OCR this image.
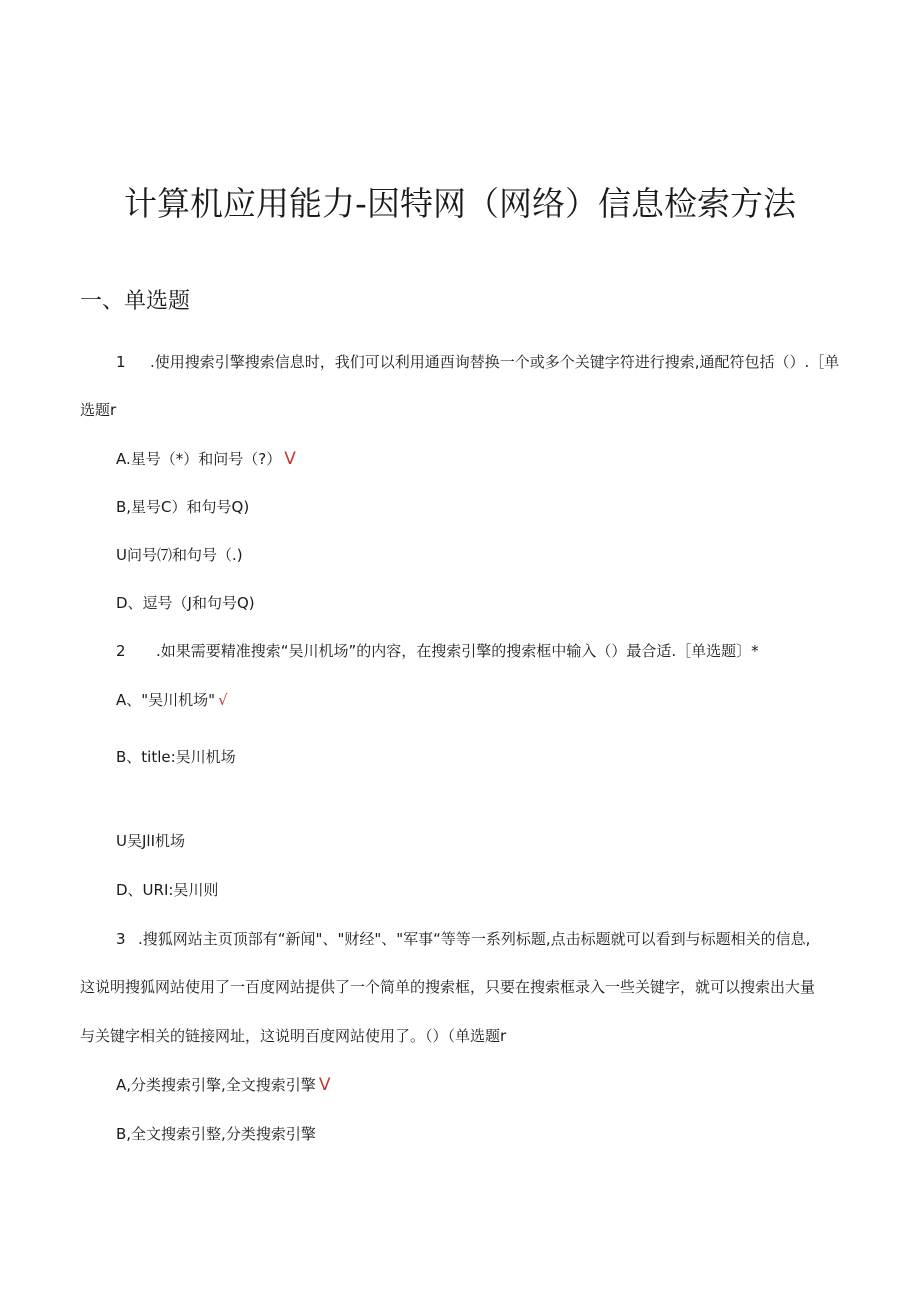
计算机应用能力-因特网（网络）信息检索方法
一、单选题
1 .使用搜索引擎搜索信息时，我们可以利用通酉询替换一个或多个关键字符进行搜索,通配符包括（）.［单
选题r
A.星号（*）和问号（?） V
B,星号C）和句号Q)
U问号⑺和句号（.)
D、逗号（J和句号Q)
2 .如果需要精准搜索“吴川机场”的内容，在搜索引擎的搜索框中输入（）最合适.［单选题〕*
A、"吴川机场" √
B、title:吴川机场
U吴JlI机场
D、URI:吴川则
3 .搜狐网站主页顶部有“新闻"、"财经"、"军事“等等一系列标题,点击标题就可以看到与标题相关的信息,
这说明搜狐网站使用了一百度网站提供了一个简单的搜索框，只要在搜索框录入一些关键字，就可以搜索出大量
与关键字相关的链接网址，这说明百度网站使用了。（）（单选题r
A,分类搜索引擎,全文搜索引擎 V
B,全文搜索引整,分类搜索引擎
